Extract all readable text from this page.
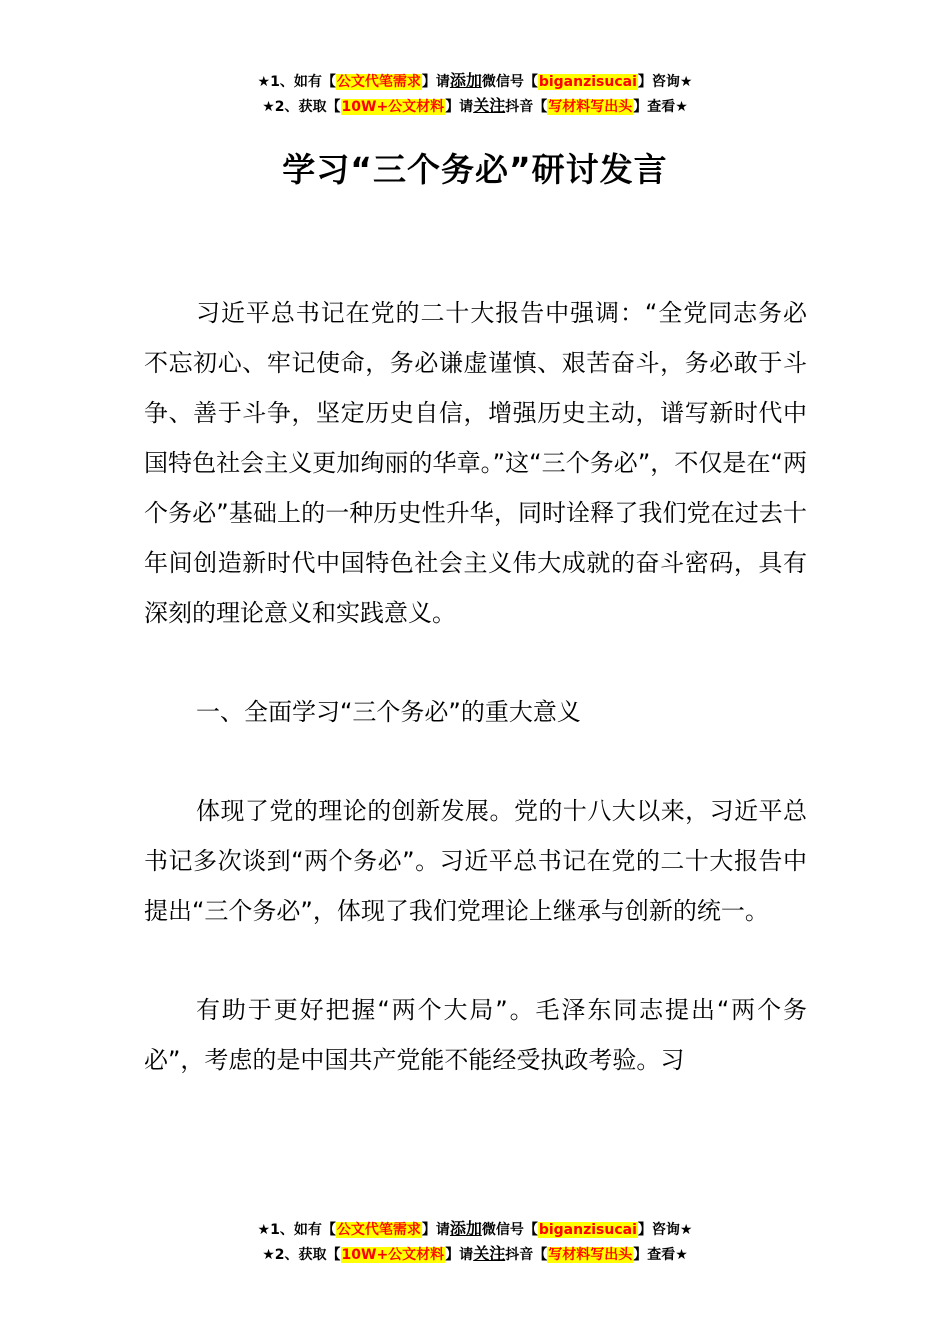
★1、如有【公文代笔需求】请添加微信号【biganzisucai】咨询★
★2、获取【10W+公文材料】请关注抖音【写材料写出头】查看★
学习“三个务必”研讨发言

习近平总书记在党的二十大报告中强调：“全党同志务必不忘初心、牢记使命，务必谦虚谨慎、艰苦奋斗，务必敢于斗争、善于斗争，坚定历史自信，增强历史主动，谱写新时代中国特色社会主义更加绚丽的华章。”这“三个务必”，不仅是在“两个务必”基础上的一种历史性升华，同时诠释了我们党在过去十年间创造新时代中国特色社会主义伟大成就的奋斗密码，具有深刻的理论意义和实践意义。

一、全面学习“三个务必”的重大意义

体现了党的理论的创新发展。党的十八大以来，习近平总书记多次谈到“两个务必”。习近平总书记在党的二十大报告中提出“三个务必”，体现了我们党理论上继承与创新的统一。

有助于更好把握“两个大局”。毛泽东同志提出“两个务必”，考虑的是中国共产党能不能经受执政考验。习

★1、如有【公文代笔需求】请添加微信号【biganzisucai】咨询★
★2、获取【10W+公文材料】请关注抖音【写材料写出头】查看★
